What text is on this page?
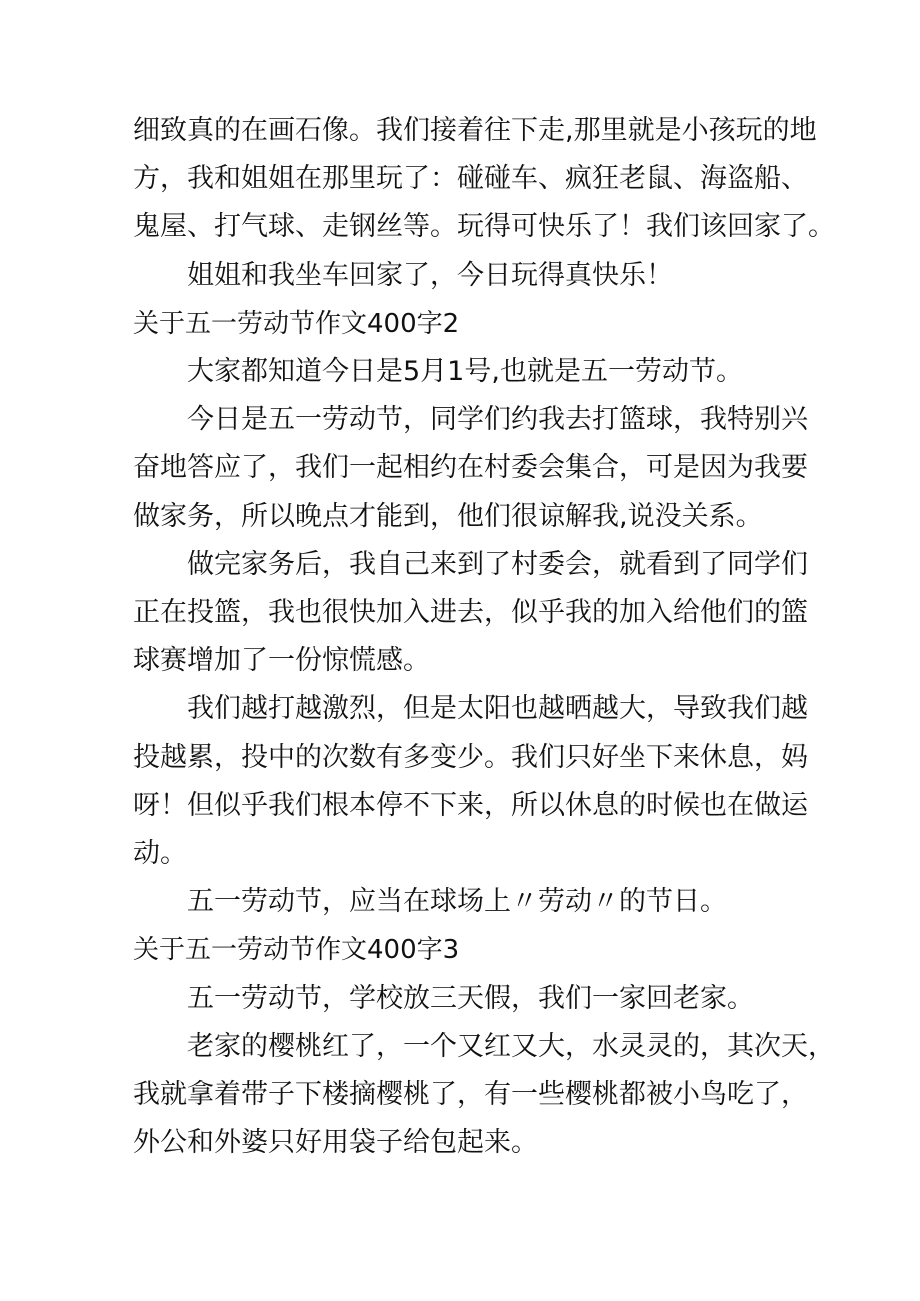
细致真的在画石像。我们接着往下走,那里就是小孩玩的地

方，我和姐姐在那里玩了：碰碰车、疯狂老鼠、海盗船、

鬼屋、打气球、走钢丝等。玩得可快乐了！我们该回家了。

姐姐和我坐车回家了，今日玩得真快乐！

关于五一劳动节作文400字2

大家都知道今日是5月1号,也就是五一劳动节。

今日是五一劳动节，同学们约我去打篮球，我特别兴

奋地答应了，我们一起相约在村委会集合，可是因为我要

做家务，所以晚点才能到，他们很谅解我,说没关系。

做完家务后，我自己来到了村委会，就看到了同学们

正在投篮，我也很快加入进去，似乎我的加入给他们的篮

球赛增加了一份惊慌感。

我们越打越激烈，但是太阳也越晒越大，导致我们越

投越累，投中的次数有多变少。我们只好坐下来休息，妈

呀！但似乎我们根本停不下来，所以休息的时候也在做运

动。

五一劳动节，应当在球场上〃劳动〃的节日。

关于五一劳动节作文400字3

五一劳动节，学校放三天假，我们一家回老家。

老家的樱桃红了，一个又红又大，水灵灵的，其次天，

我就拿着带子下楼摘樱桃了，有一些樱桃都被小鸟吃了，

外公和外婆只好用袋子给包起来。
